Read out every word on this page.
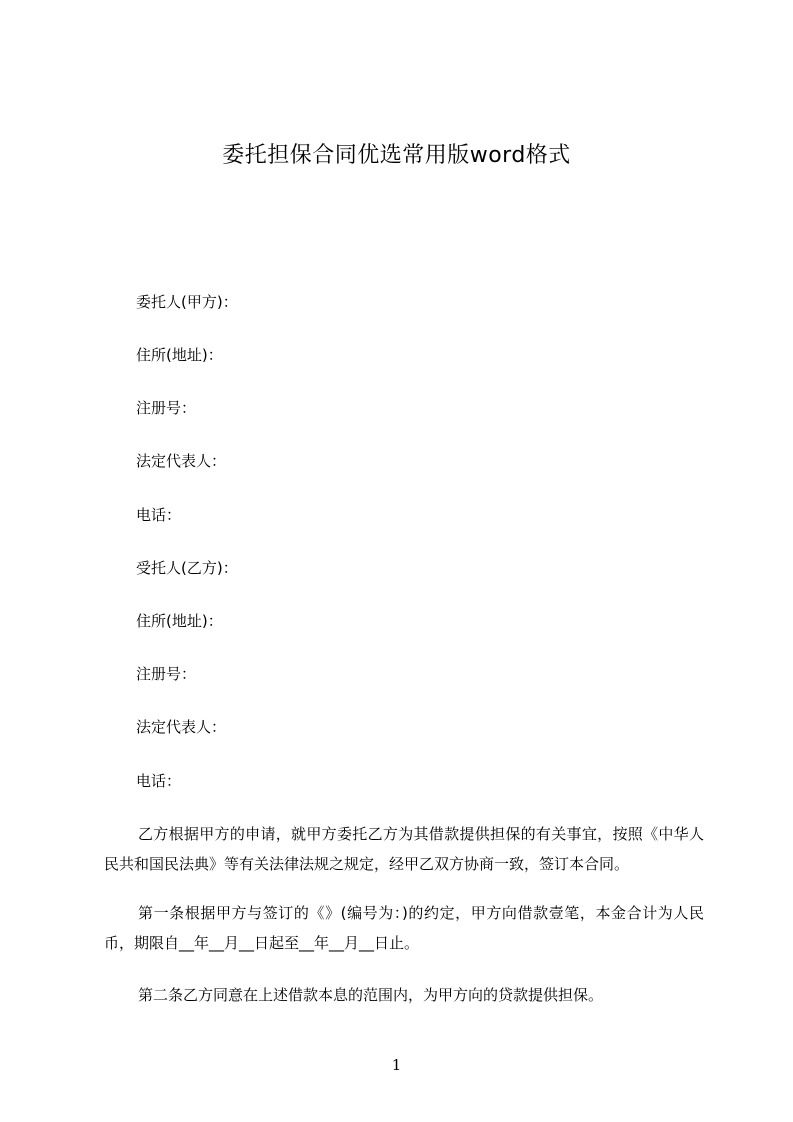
委托担保合同优选常用版word格式
委托人(甲方)：
住所(地址)：
注册号：
法定代表人：
电话：
受托人(乙方)：
住所(地址)：
注册号：
法定代表人：
电话：
乙方根据甲方的申请，就甲方委托乙方为其借款提供担保的有关事宜，按照《中华人民共和国民法典》等有关法律法规之规定，经甲乙双方协商一致，签订本合同。
第一条根据甲方与签订的《》(编号为：)的约定，甲方向借款壹笔，本金合计为人民币，期限自__年__月__日起至__年__月__日止。
第二条乙方同意在上述借款本息的范围内，为甲方向的贷款提供担保。
1
